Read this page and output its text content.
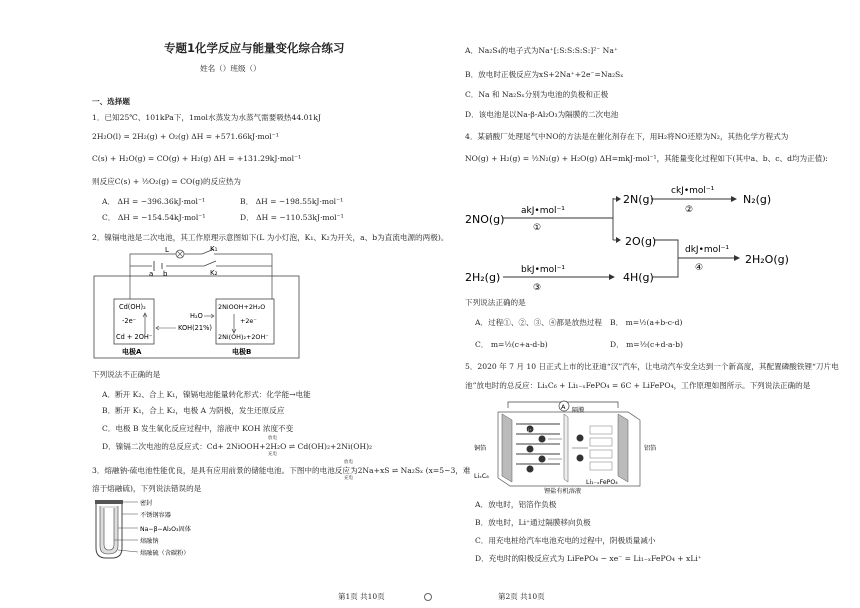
专题1化学反应与能量变化综合练习
姓名（）班级（）
一、选择题
1．已知25℃、101kPa下，1mol水蒸发为水蒸气需要吸热44.01kJ
2H₂O(l) = 2H₂(g) + O₂(g) ΔH = +571.66kJ·mol⁻¹
C(s) + H₂O(g) = CO(g) + H₂(g) ΔH = +131.29kJ·mol⁻¹
则反应C(s) + ½O₂(g) = CO(g)的反应热为
A． ΔH = −396.36kJ·mol⁻¹	B． ΔH = −198.55kJ·mol⁻¹
C． ΔH = −154.54kJ·mol⁻¹	D． ΔH = −110.53kJ·mol⁻¹
2．镍镉电池是二次电池，其工作原理示意图如下(L 为小灯泡，K₁、K₂为开关，a、b为直流电源的两极)。
L	K₁
a b	K₂
Cd(OH)₂
-2e⁻
Cd + 2OH⁻
2NiOOH+2H₂O
+2e⁻
2Ni(OH)₂+2OH⁻
H₂O
KOH(21%)
电极A	电极B
下列说法不正确的是
A．断开 K₂、合上 K₁，镍镉电池能量转化形式：化学能→电能
B．断开 K₁，合上 K₂，电极 A 为阴极，发生还原反应
C．电极 B 发生氧化反应过程中，溶液中 KOH 浓度不变
D．镍镉二次电池的总反应式：Cd+ 2NiOOH+2H₂O ⇌ Cd(OH)₂+2Ni(OH)₂
放电
充电
3．熔融钠-硫电池性能优良，是具有应用前景的储能电池。下图中的电池反应为2Na+xS ⇌ Na₂Sₓ (x=5~3，难
放电
充电
溶于熔融硫)，下列说法错误的是
密封
不锈钢容器
Na−β−Al₂O₃固体
熔融钠
熔融硫（含碳粉）
第1页 共10页
A．Na₂S₄的电子式为Na⁺[:S:S:S:S:]²⁻ Na⁺
B．放电时正极反应为xS+2Na⁺+2e⁻=Na₂Sₓ
C．Na 和 Na₂Sₓ分别为电池的负极和正极
D．该电池是以Na-β-Al₂O₃为隔膜的二次电池
4．某硝酸厂处理尾气中NO的方法是在催化剂存在下，用H₂将NO还原为N₂，其热化学方程式为
NO(g) + H₂(g) = ½N₂(g) + H₂O(g) ΔH=mkJ·mol⁻¹，其能量变化过程如下(其中a、b、c、d均为正值):
2NO(g)
2N(g)
2O(g)
2H₂(g)	4H(g)
N₂(g)
2H₂O(g)
akJ•mol⁻¹
①
ckJ•mol⁻¹
②
bkJ•mol⁻¹
③
dkJ•mol⁻¹
④
下列说法正确的是
A．过程①、②、③、④都是放热过程 B． m=½(a+b-c-d)
C． m=½(c+a-d-b)	D． m=½(c+d-a-b)
5．2020 年 7 月 10 日正式上市的比亚迪“汉”汽车，让电动汽车安全达到一个新高度，其配置磷酸铁锂“刀片电
池”放电时的总反应：LiₓC₆ + Li₁₋ₓFePO₄ = 6C + LiFePO₄，工作原理如图所示。下列说法正确的是
A
Li⁺
隔膜
铜箔	铝箔
LiₓC₆
Li₁₋ₓFePO₄
锂盐有机溶液
A．放电时，铝箔作负极
B．放电时，Li⁺通过隔膜移向负极
C．用充电桩给汽车电池充电的过程中，阴极质量减小
D．充电时的阳极反应式为 LiFePO₄ − xe⁻ = Li₁₋ₓFePO₄ + xLi⁺
第2页 共10页
